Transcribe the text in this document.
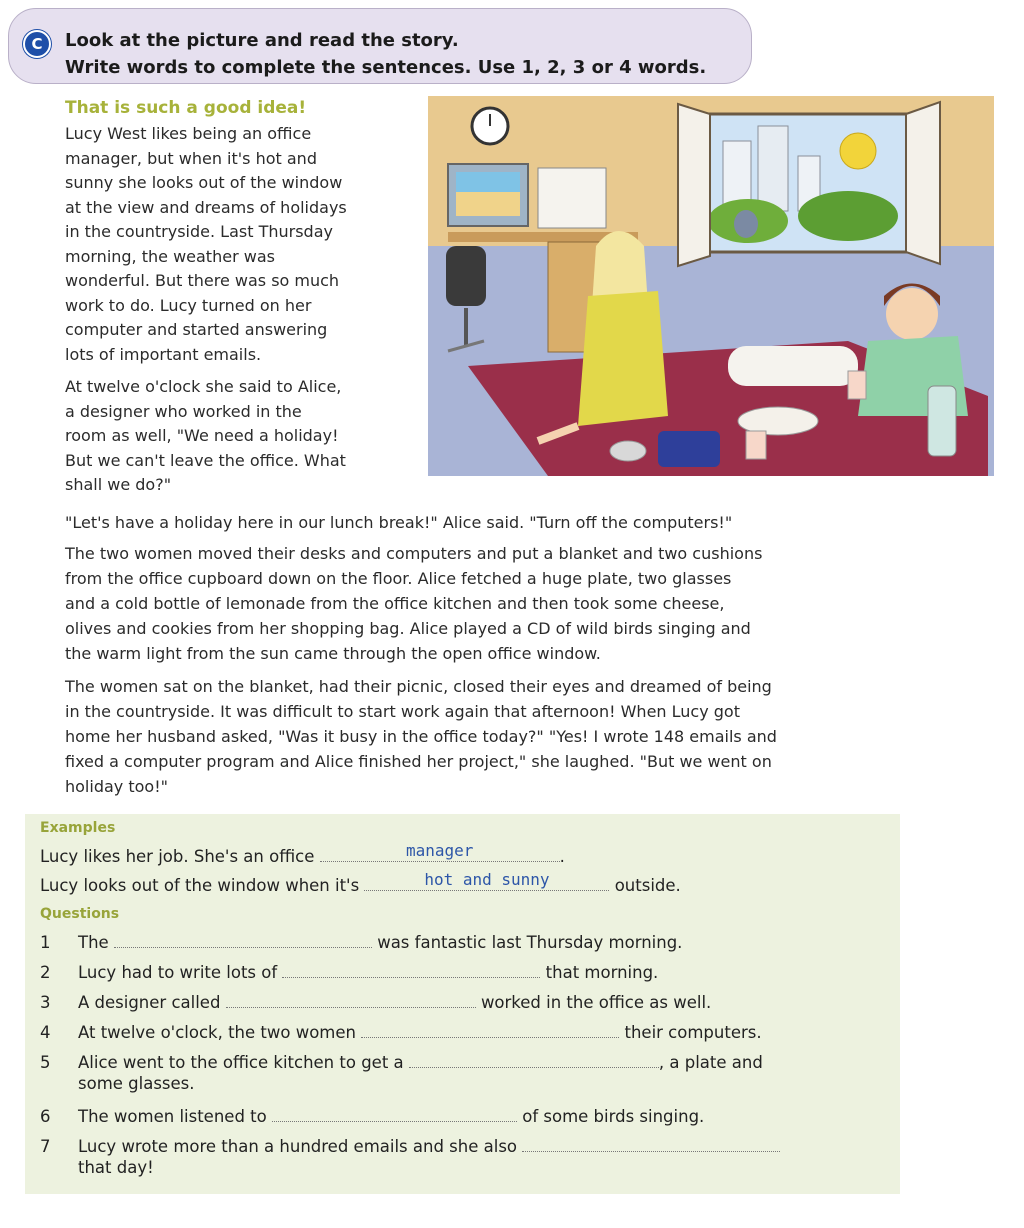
C	Look at the picture and read the story.
Write words to complete the sentences. Use 1, 2, 3 or 4 words.
That is such a good idea!

Lucy West likes being an office
manager, but when it's hot and
sunny she looks out of the window
at the view and dreams of holidays
in the countryside. Last Thursday
morning, the weather was
wonderful. But there was so much
work to do. Lucy turned on her
computer and started answering
lots of important emails.

At twelve o'clock she said to Alice,
a designer who worked in the
room as well, "We need a holiday!
But we can't leave the office. What
shall we do?"

"Let's have a holiday here in our lunch break!" Alice said. "Turn off the computers!"

The two women moved their desks and computers and put a blanket and two cushions

from the office cupboard down on the floor. Alice fetched a huge plate, two glasses

and a cold bottle of lemonade from the office kitchen and then took some cheese,

olives and cookies from her shopping bag. Alice played a CD of wild birds singing and

the warm light from the sun came through the open office window.

The women sat on the blanket, had their picnic, closed their eyes and dreamed of being

in the countryside. It was difficult to start work again that afternoon! When Lucy got

home her husband asked, "Was it busy in the office today?" "Yes! I wrote 148 emails and

fixed a computer program and Alice finished her project," she laughed. "But we went on

holiday too!"

Examples
Lucy likes her job. She's an office	manager	.
Lucy looks out of the window when it's	hot and sunny	outside.
Questions
1 The	was fantastic last Thursday morning.
2 Lucy had to write lots of	that morning.
3 A designer called	worked in the office as well.
4 At twelve o'clock, the two women	their computers.
5 Alice went to the office kitchen to get a	, a plate and
some glasses.
6 The women listened to	of some birds singing.
7 Lucy wrote more than a hundred emails and she also
that day!
